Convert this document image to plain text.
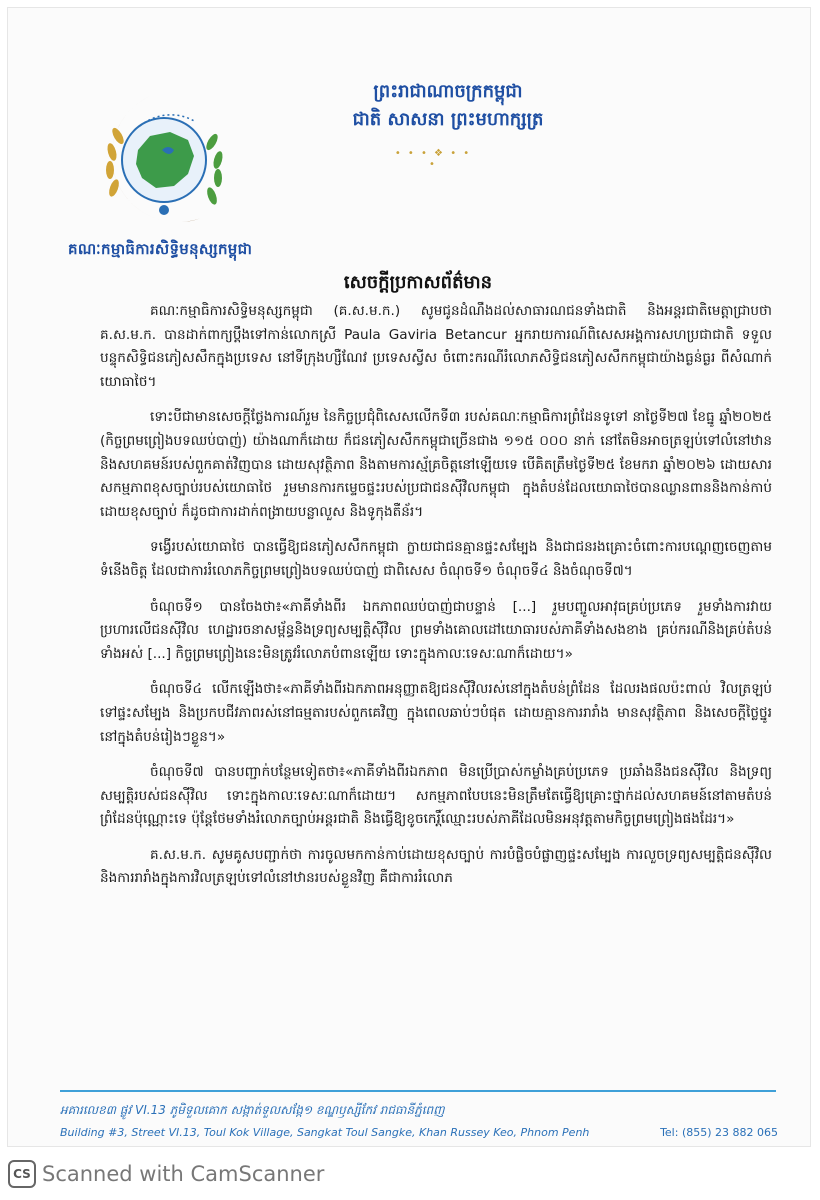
គណៈកម្មាធិការសិទ្ធិមនុស្សកម្ពុជា
ព្រះរាជាណាចក្រកម្ពុជា
ជាតិ សាសនា ព្រះមហាក្សត្រ
• • • ❖ • • •
សេចក្តីប្រកាសព័ត៌មាន

គណៈកម្មាធិការសិទ្ធិមនុស្សកម្ពុជា (គ.ស.ម.ក.) សូមជូនដំណឹងដល់សាធារណជនទាំងជាតិ និងអន្តរជាតិមេត្តាជ្រាបថា គ.ស.ម.ក. បានដាក់ពាក្យប្តឹងទៅកាន់លោកស្រី Paula Gaviria Betancur អ្នករាយការណ៍ពិសេសអង្គការសហប្រជាជាតិ ទទួលបន្ទុកសិទ្ធិជនភៀសសឹកក្នុងប្រទេស នៅទីក្រុងហ្សឺណែវ ប្រទេសស្វីស ចំពោះករណីរំលោភសិទ្ធិជនភៀសសឹកកម្ពុជាយ៉ាងធ្ងន់ធ្ងរ ពីសំណាក់យោធាថៃ។

ទោះបីជាមានសេចក្តីថ្លែងការណ៍រួម នៃកិច្ចប្រជុំពិសេសលើកទី៣ របស់គណៈកម្មាធិការព្រំដែនទូទៅ នាថ្ងៃទី២៧ ខែធ្នូ ឆ្នាំ២០២៥ (កិច្ចព្រមព្រៀងបទឈប់បាញ់) យ៉ាងណាក៏ដោយ ក៏ជនភៀសសឹកកម្ពុជាច្រើនជាង ១១៥ ០០០ នាក់ នៅតែមិនអាចត្រឡប់ទៅលំនៅឋាន និងសហគមន៍របស់ពួកគាត់វិញបាន ដោយសុវត្ថិភាព និងតាមការស្ម័គ្រចិត្តនៅឡើយទេ បើគិតត្រឹមថ្ងៃទី២៥ ខែមករា ឆ្នាំ២០២៦ ដោយសារសកម្មភាពខុសច្បាប់របស់យោធាថៃ រួមមានការកម្ទេចផ្ទះរបស់ប្រជាជនស៊ីវិលកម្ពុជា ក្នុងតំបន់ដែលយោធាថៃបានឈ្លានពាននិងកាន់កាប់ដោយខុសច្បាប់ ក៏ដូចជាការដាក់ពង្រាយបន្លាលួស និងទូកុងតឺន័រ។

ទង្វើរបស់យោធាថៃ បានធ្វើឱ្យជនភៀសសឹកកម្ពុជា ក្លាយជាជនគ្មានផ្ទះសម្បែង និងជាជនរងគ្រោះចំពោះការបណ្តេញចេញតាមទំនើងចិត្ត ដែលជាការរំលោភកិច្ចព្រមព្រៀងបទឈប់បាញ់ ជាពិសេស ចំណុចទី១ ចំណុចទី៤ និងចំណុចទី៧។

ចំណុចទី១ បានចែងថា៖«ភាគីទាំងពីរ ឯកភាពឈប់បាញ់ជាបន្ទាន់ [...] រួមបញ្ចូលអាវុធគ្រប់ប្រភេទ រួមទាំងការវាយប្រហារលើជនស៊ីវិល ហេដ្ឋារចនាសម្ព័ន្ធនិងទ្រព្យសម្បត្តិស៊ីវិល ព្រមទាំងគោលដៅយោធារបស់ភាគីទាំងសងខាង គ្រប់ករណីនិងគ្រប់តំបន់ទាំងអស់ [...] កិច្ចព្រមព្រៀងនេះមិនត្រូវរំលោភបំពានឡើយ ទោះក្នុងកាលៈទេសៈណាក៏ដោយ។»

ចំណុចទី៤ លើកឡើងថា៖«ភាគីទាំងពីរឯកភាពអនុញ្ញាតឱ្យជនស៊ីវិលរស់នៅក្នុងតំបន់ព្រំដែន ដែលរងផលប៉ះពាល់ វិលត្រឡប់ទៅផ្ទះសម្បែង និងប្រកបជីវភាពរស់នៅធម្មតារបស់ពួកគេវិញ ក្នុងពេលឆាប់ៗបំផុត ដោយគ្មានការរារាំង មានសុវត្ថិភាព និងសេចក្តីថ្លៃថ្នូរ នៅក្នុងតំបន់រៀងៗខ្លួន។»

ចំណុចទី៧ បានបញ្ជាក់បន្ថែមទៀតថា៖«ភាគីទាំងពីរឯកភាព មិនប្រើប្រាស់កម្លាំងគ្រប់ប្រភេទ ប្រឆាំងនឹងជនស៊ីវិល និងទ្រព្យសម្បត្តិរបស់ជនស៊ីវិល ទោះក្នុងកាលៈទេសៈណាក៏ដោយ។ សកម្មភាពបែបនេះមិនត្រឹមតែធ្វើឱ្យគ្រោះថ្នាក់ដល់សហគមន៍នៅតាមតំបន់ព្រំដែនប៉ុណ្ណោះទេ ប៉ុន្តែថែមទាំងរំលោភច្បាប់អន្តរជាតិ និងធ្វើឱ្យខូចកេរ្តិ៍ឈ្មោះរបស់ភាគីដែលមិនអនុវត្តតាមកិច្ចព្រមព្រៀងផងដែរ។»

គ.ស.ម.ក. សូមគូសបញ្ជាក់ថា ការចូលមកកាន់កាប់ដោយខុសច្បាប់ ការបំផ្លិចបំផ្លាញផ្ទះសម្បែង ការលួចទ្រព្យសម្បត្តិជនស៊ីវិល និងការរារាំងក្នុងការវិលត្រឡប់ទៅលំនៅឋានរបស់ខ្លួនវិញ គឺជាការរំលោភ

អគារលេខ៣ ផ្លូវ VI.13 ភូមិទួលគោក សង្កាត់ទួលសង្កែ១ ខណ្ឌឫស្សីកែវ រាជធានីភ្នំពេញ
Building #3, Street VI.13, Toul Kok Village, Sangkat Toul Sangke, Khan Russey Keo, Phnom Penh	Tel: (855) 23 882 065
CS Scanned with CamScanner
